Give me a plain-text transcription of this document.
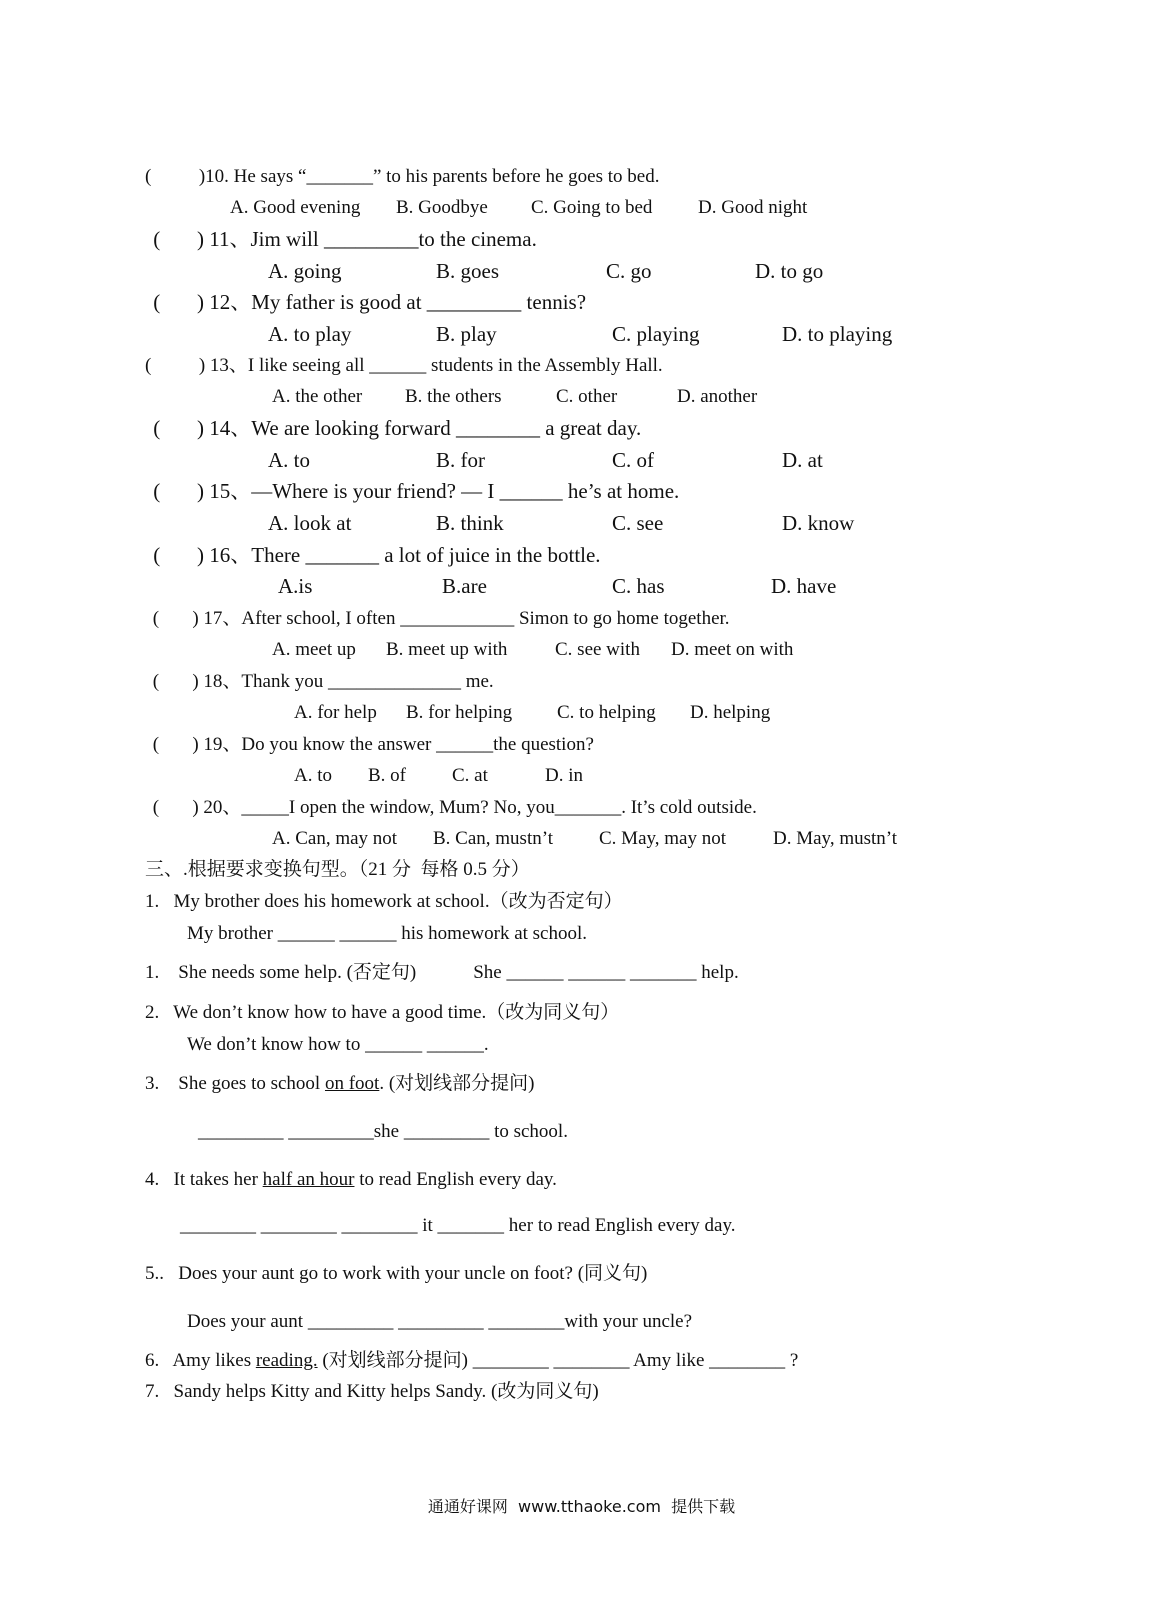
(          )10. He says “_______” to his parents before he goes to bed.
A. Good evening B. Goodbye C. Going to bed D. Good night
(       ) 11、Jim will _________to the cinema.
A. going	B. goes	C. go	D. to go
(       ) 12、My father is good at _________ tennis?
A. to play	B. play	C. playing	D. to playing
(          ) 13、I like seeing all ______ students in the Assembly Hall.
A. the other B. the others	C. other	D. another
(       ) 14、We are looking forward ________ a great day.
A. to	B. for	C. of	D. at
(       ) 15、—Where is your friend? — I ______ he’s at home.
A. look at	B. think	C. see	D. know
(       ) 16、There _______ a lot of juice in the bottle.
A.is	B.are	C. has	D. have
(       ) 17、After school, I often ____________ Simon to go home together.
A. meet up B. meet up with	C. see with D. meet on with
(       ) 18、Thank you ______________ me.
A. for help B. for helping C. to helping D. helping
(       ) 19、Do you know the answer ______the question?
A. to B. of C. at	D. in
(       ) 20、_____I open the window, Mum? No, you_______. It’s cold outside.
A. Can, may not B. Can, mustn’t C. May, may not D. May, mustn’t
三、.根据要求变换句型。（21 分  每格 0.5 分）
1.   My brother does his homework at school.（改为否定句）
My brother ______ ______ his homework at school.
1.    She needs some help. (否定句)            She ______ ______ _______ help.
2.   We don’t know how to have a good time.（改为同义句）
We don’t know how to ______ ______.
3.    She goes to school on foot. (对划线部分提问)
_________ _________she _________ to school.
4.   It takes her half an hour to read English every day.
________ ________ ________ it _______ her to read English every day.
5..   Does your aunt go to work with your uncle on foot? (同义句)
Does your aunt _________ _________ ________with your uncle?
6.   Amy likes reading. (对划线部分提问) ________ ________ Amy like ________ ?
7.   Sandy helps Kitty and Kitty helps Sandy. (改为同义句)
通通好课网  www.tthaoke.com  提供下载
